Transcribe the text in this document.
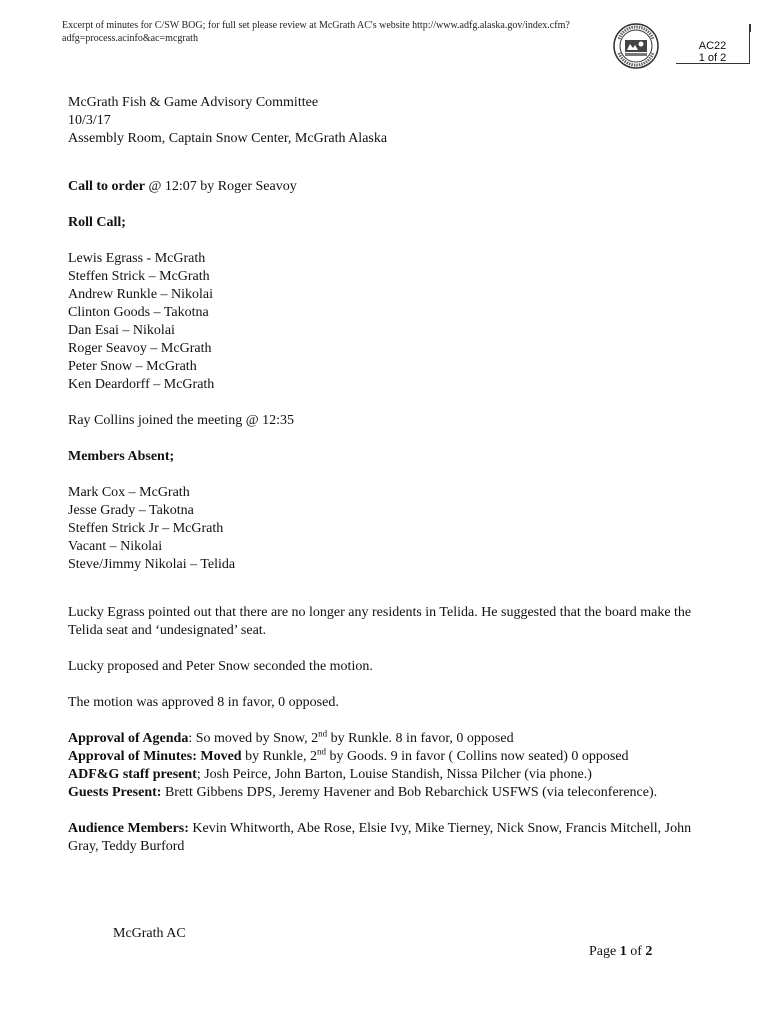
Excerpt of minutes for C/SW BOG; for full set please review at McGrath AC's website http://www.adfg.alaska.gov/index.cfm?adfg=process.acinfo&ac=mcgrath
AC22
1 of 2
McGrath Fish & Game Advisory Committee
10/3/17
Assembly Room, Captain Snow Center, McGrath Alaska
Call to order @ 12:07 by Roger Seavoy
Roll Call;
Lewis Egrass - McGrath
Steffen Strick – McGrath
Andrew Runkle – Nikolai
Clinton Goods – Takotna
Dan Esai – Nikolai
Roger Seavoy – McGrath
Peter Snow – McGrath
Ken Deardorff – McGrath
Ray Collins joined the meeting @ 12:35
Members Absent;
Mark Cox – McGrath
Jesse Grady – Takotna
Steffen Strick Jr – McGrath
Vacant – Nikolai
Steve/Jimmy Nikolai – Telida

Lucky Egrass pointed out that there are no longer any residents in Telida. He suggested that the board make the Telida seat and ‘undesignated’ seat.

Lucky proposed and Peter Snow seconded the motion.
The motion was approved 8 in favor, 0 opposed.
Approval of Agenda: So moved by Snow, 2nd by Runkle. 8 in favor, 0 opposed
Approval of Minutes: Moved by Runkle, 2nd by Goods. 9 in favor ( Collins now seated) 0 opposed
ADF&G staff present; Josh Peirce, John Barton, Louise Standish, Nissa Pilcher (via phone.)

Guests Present: Brett Gibbens DPS, Jeremy Havener and Bob Rebarchick USFWS (via teleconference).

Audience Members: Kevin Whitworth, Abe Rose, Elsie Ivy, Mike Tierney, Nick Snow, Francis Mitchell, John Gray, Teddy Burford

McGrath AC
Page 1 of 2
